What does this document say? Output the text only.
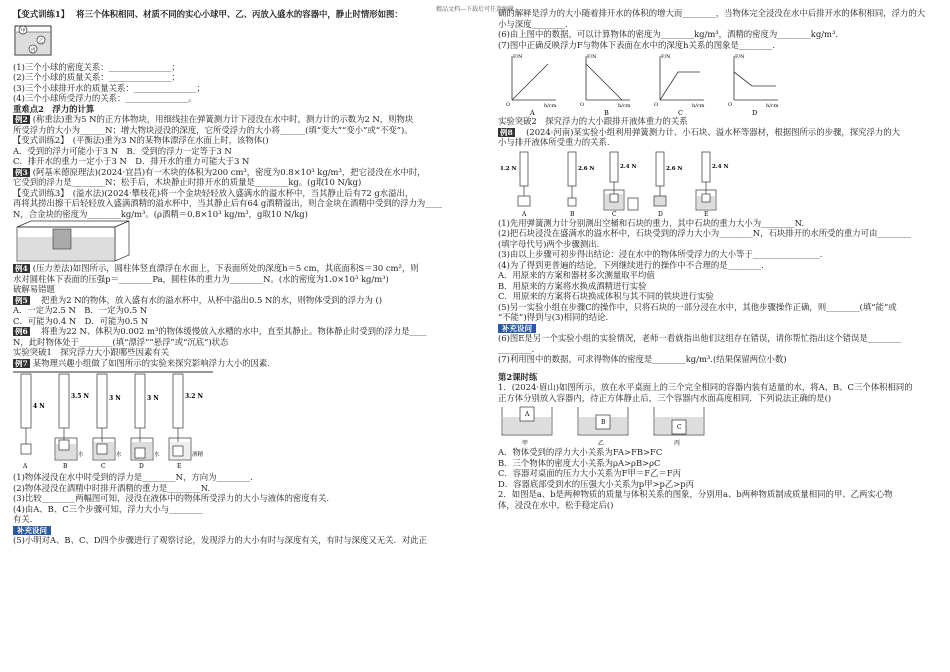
精品文档---下载后可任意编辑
【变式训练1】　 将三个体积相同、材质不同的实心小球甲、乙、丙放入盛水的容器中，静止时情形如图：
甲
乙
丙
(1)三个小球的密度关系：_______________；
(2)三个小球的质量关系：_______________；
(3)三个小球排开水的质量关系：_______________；
(4)三个小球所受浮力的关系：_______________。
重难点2　浮力的计算
例2 (称重法)重为5 N的正方体物块，用细线挂在弹簧测力计下浸没在水中时，测力计的示数为2 N，则物块
所受浮力的大小为______N；增大物块浸没的深度，它所受浮力的大小将______(填“变大”“变小”或“不变”)。
【变式训练2】　(平衡法)重为3 N的某物体漂浮在水面上时，该物体()
A．受到的浮力可能小于3 N　B．受到的浮力一定等于3 N
C．排开水的重力一定小于3 N　D．排开水的重力可能大于3 N
例3 (阿基米德原理法)(2024·宜昌)有一木块的体积为200 cm³，密度为0.8×10³ kg/m³，把它浸没在水中时，
它受到的浮力是________N；松手后，木块静止时排开水的质量是________kg。(g取10 N/kg)
【变式训练3】　(溢水法)(2024·攀枝花)将一个金块轻轻放入盛满水的溢水杯中，当其静止后有72 g水溢出，
再将其捞出擦干后轻轻放入盛满酒精的溢水杯中，当其静止后有64 g酒精溢出，则合金块在酒精中受到的浮力为____
N，合金块的密度为________kg/m³。(ρ酒精＝0.8×10³ kg/m³，g取10 N/kg)
例4 (压力差法)如图所示，圆柱体竖直漂浮在水面上，下表面所处的深度h＝5 cm，其底面积S＝30 cm²，则
水对圆柱体下表面的压强p＝________Pa，圆柱体的重力为________N。(水的密度为1.0×10³ kg/m³)
破解易错题
例5　把重为2 N的物体，放入盛有水的溢水杯中，从杯中溢出0.5 N的水，则物体受到的浮力为 ()
A．一定为2.5 N　B．一定为0.5 N
C．可能为0.4 N　D．可能为0.5 N
例6　将重为22 N、体积为0.002 m³的物体缓慢放入水槽的水中，直至其静止。物体静止时受到的浮力是____
N，此时物体处于________(填“漂浮”“悬浮”或“沉底”)状态
实验突破1　探究浮力大小跟哪些因素有关
例7 某物理兴趣小组做了如图所示的实验来探究影响浮力大小的因素.
4 N
3.5 N	3 N	3 N	3.2 N
水	水	水	酒精
A	B	C	D	E
(1)物体浸没在水中时受到的浮力是________N，方向为________.
(2)物体浸没在酒精中时排开酒精的重力是________N.
(3)比较________两幅图可知，浸没在液体中的物体所受浮力的大小与液体的密度有关.
(4)由A、B、C三个步骤可知，浮力大小与________
有关.
补充设问
(5)小明对A、B、C、D四个步骤进行了观察讨论，发现浮力的大小有时与深度有关，有时与深度又无关．对此正
确的解释是浮力的大小随着排开水的体积的增大而________，当物体完全浸没在水中后排开水的体积相同，浮力的大
小与深度________.
(6)由上图中的数据，可以计算物体的密度为________kg/m³，酒精的密度为________kg/m³.
(7)图中正确反映浮力F与物体下表面在水中的深度h关系的图象是________.
F/N	F/N	F/N	F/N
h/cm	h/cm	h/cm	h/cm
O	O	O	O
A	B	C	D
实验突破2　探究浮力的大小跟排开液体重力的关系
例8　(2024·河南)某实验小组利用弹簧测力计、小石块、溢水杯等器材，根据图所示的步骤，探究浮力的大
小与排开液体所受重力的关系.
1.2 N	2.6 N	2.4 N	2.6 N	2.4 N
A	B	C	D	E
(1)先用弹簧测力计分别测出空桶和石块的重力，其中石块的重力大小为________N.
(2)把石块浸没在盛满水的溢水杯中，石块受到的浮力大小为________N，石块排开的水所受的重力可由________
(填字母代号)两个步骤测出.
(3)由以上步骤可初步得出结论：浸在水中的物体所受浮力的大小等于________________.
(4)为了得到更普遍的结论，下列继续进行的操作中不合理的是________.
A．用原来的方案和器材多次测量取平均值
B．用原来的方案将水换成酒精进行实验
C．用原来的方案将石块换成体积与其不同的铁块进行实验
(5)另一实验小组在步骤C的操作中，只将石块的一部分浸在水中，其他步骤操作正确，则________(填“能”或
“不能”)得到与(3)相同的结论.
补充设问
(6)图E是另一个实验小组的实验情况，老师一看就指出他们这组存在错误，请你帮忙指出这个错误是________
________.
(7)利用图中的数据，可求得物体的密度是________kg/m³.(结果保留两位小数)
第2课时练
1．(2024·眉山)如图所示，放在水平桌面上的三个完全相同的容器内装有适量的水，将A、B、C三个体积相同的
正方体分别放入容器内，待正方体静止后，三个容器内水面高度相同．下列说法正确的是()
A
B
C
甲	乙	丙
A．物体受到的浮力大小关系为FA>FB>FC
B．三个物体的密度大小关系为ρA>ρB>ρC
C．容器对桌面的压力大小关系为F甲＝F乙＝F丙
D．容器底部受到水的压强大小关系为p甲>p乙>p丙
2．如图是a、b是两种物质的质量与体积关系的图象，分别用a、b两种物质制成质量相同的甲、乙两实心物
体，浸没在水中，松手稳定后()
